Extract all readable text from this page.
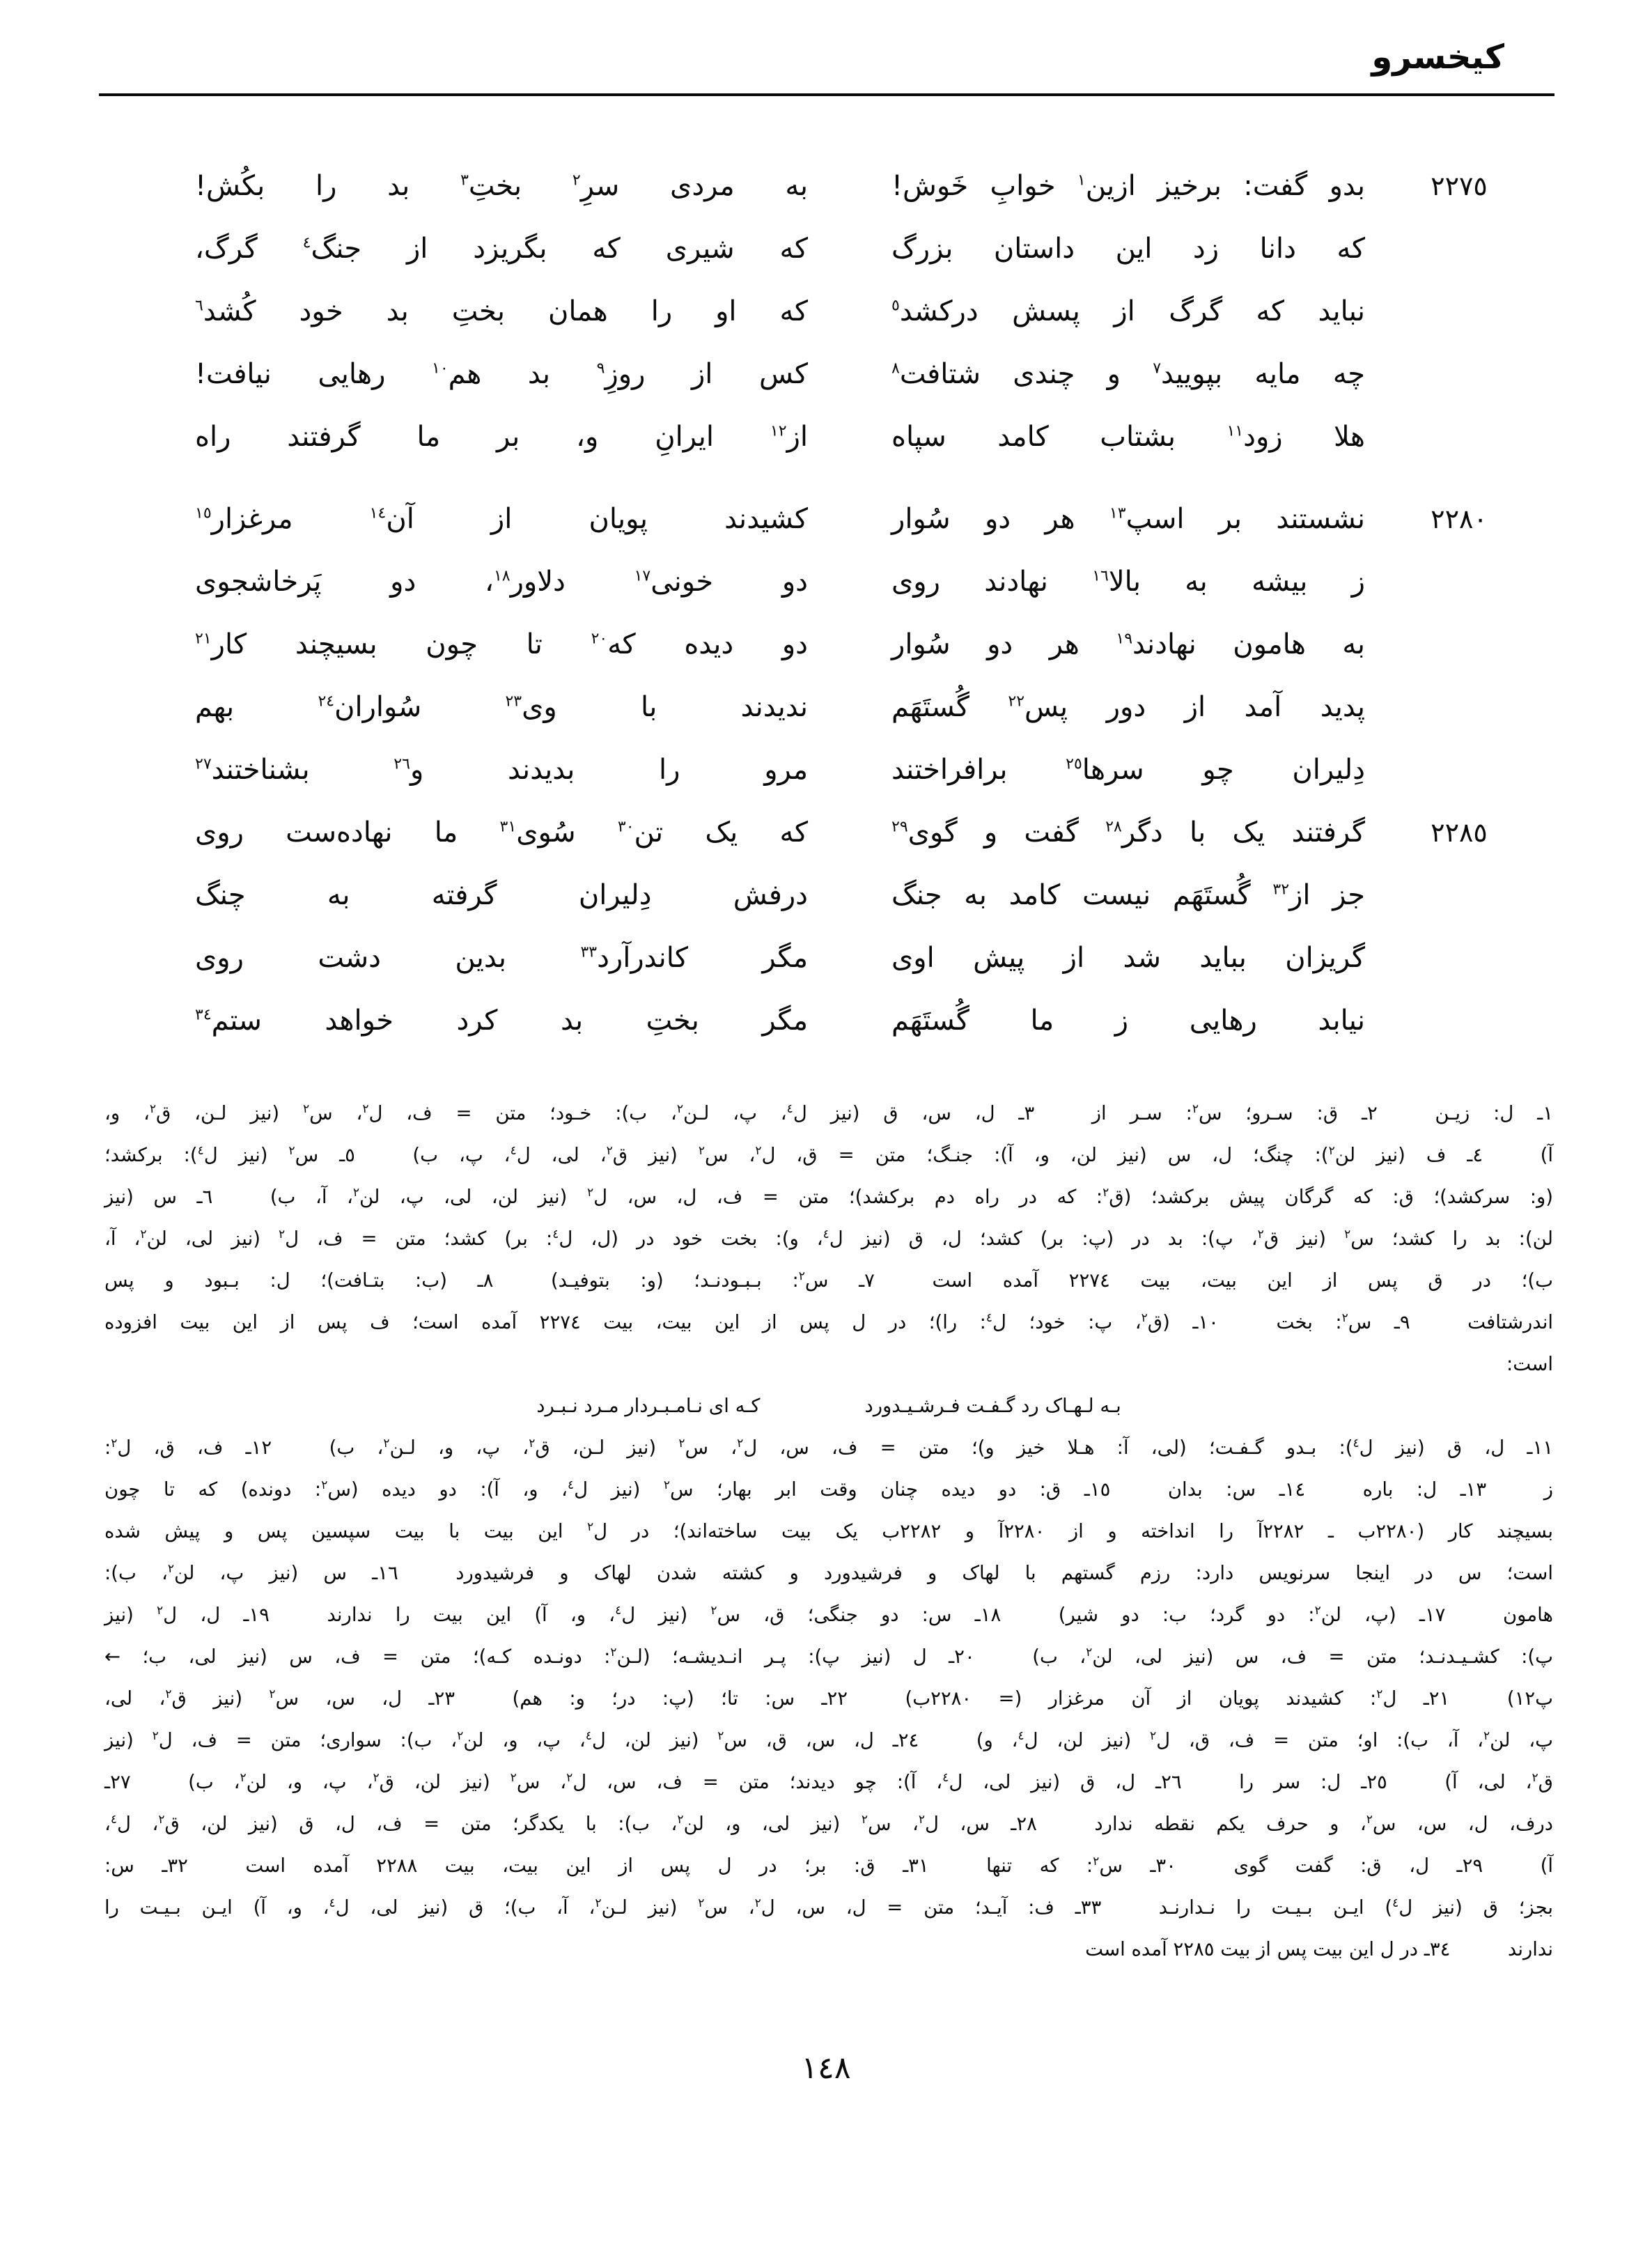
کیخسرو
٢٢٧٥
بدو گفت: برخیز ازین$^١$ خوابِ خَوش!
به مردی سرِ$^٢$ بختِ$^٣$ بد را بکُش!
که دانا زد این داستان بزرگ
که شیری که بگریزد از جنگ$^٤$ گرگ،
نباید که گرگ از پسش درکشد$^٥$
که او را همان بختِ بد خود کُشد$^٦$
چه مایه بپویید$^٧$ و چندی شتافت$^٨$
کس از روزِ$^٩$ بد هم$^{١٠}$ رهایی نیافت!
هلا زود$^{١١}$ بشتاب کامد سپاه
از$^{١٢}$ ایرانِ و، بر ما گرفتند راه
٢٢٨٠
نشستند بر اسپ$^{١٣}$ هر دو سُوار
کشیدند پویان از آن$^{١٤}$ مرغزار$^{١٥}$
ز بیشه به بالا$^{١٦}$ نهادند روی
دو خونی$^{١٧}$ دلاور$^{١٨}$، دو پَرخاشجوی
به هامون نهادند$^{١٩}$ هر دو سُوار
دو دیده که$^{٢٠}$ تا چون بسیچند کار$^{٢١}$
پدید آمد از دور پس$^{٢٢}$ گُستَهَم
ندیدند با وی$^{٢٣}$ سُواران$^{٢٤}$ بهم
دِلیران چو سرها$^{٢٥}$ برافراختند
مرو را بدیدند و$^{٢٦}$ بشناختند$^{٢٧}$
٢٢٨٥
گرفتند یک با دگر$^{٢٨}$ گفت و گوی$^{٢٩}$
که یک تن$^{٣٠}$ سُوی$^{٣١}$ ما نهاده‌ست روی
جز از$^{٣٢}$ گُستَهَم نیست کامد به جنگ
درفش دِلیران گرفته به چنگ
گریزان بباید شد از پیش اوی
مگر کاندرآرد$^{٣٣}$ بدین دشت روی
نیابد رهایی ز ما گُستَهَم
مگر بختِ بد کرد خواهد ستم$^{٣٤}$
١ـ ل: زیـن   ٢ـ ق: سـرو؛ س$^٢$: سـر از   ٣ـ ل، س، ق (نیز ل$^٤$، پ، لـن$^٢$، ب): خـود؛ متن = ف، ل$^٢$، س$^٢$ (نیز لـن، ق$^٢$، و،
آ)   ٤ـ ف (نیز لن$^٢$): چنگ؛ ل، س (نیز لن، و، آ): جنـگ؛ متن = ق، ل$^٢$، س$^٢$ (نیز ق$^٢$، لی، ل$^٤$، پ، ب)   ٥ـ س$^٢$ (نیز ل$^٤$): برکشد؛
(و: سرکشد)؛ ق: که گرگان پیش برکشد؛ (ق$^٢$: که در راه دم برکشد)؛ متن = ف، ل، س، ل$^٢$ (نیز لن، لی، پ، لن$^٢$، آ، ب)   ٦ـ س (نیز
لن): بد را کشد؛ س$^٢$ (نیز ق$^٢$، پ): بد در (پ: بر) کشد؛ ل، ق (نیز ل$^٤$، و): بخت خود در (ل، ل$^٤$: بر) کشد؛ متن = ف، ل$^٢$ (نیز لی، لن$^٢$، آ،
ب)؛ در ق پس از این بیت، بیت ٢٢٧٤ آمده است   ٧ـ س$^٢$: بـبـودنـد؛ (و: بتوفیـد)   ٨ـ (ب: بتـافت)؛ ل: بـبود و پس
اندرشتافت   ٩ـ س$^٢$: بخت   ١٠ـ (ق$^٢$، پ: خود؛ ل$^٤$: را)؛ در ل پس از این بیت، بیت ٢٢٧٤ آمده است؛ ف پس از این بیت افزوده
است:
بـه لـهـاک رد گـفـت فـرشـیـدوردکـه ای نـامـبـردار مـرد نـبـرد
١١ـ ل، ق (نیز ل$^٤$): بـدو گـفـت؛ (لی، آ: هـلا خیز و)؛ متن = ف، س، ل$^٢$، س$^٢$ (نیز لـن، ق$^٢$، پ، و، لـن$^٢$، ب)   ١٢ـ ف، ق، ل$^٢$:
ز   ١٣ـ ل: باره   ١٤ـ س: بدان   ١٥ـ ق: دو دیده چنان وقت ابر بهار؛ س$^٢$ (نیز ل$^٤$، و، آ): دو دیده (س$^٢$: دونده) که تا چون
بسیچند کار (٢٢٨٠ب ـ ٢٢٨٢آ را انداخته و از ٢٢٨٠آ و ٢٢٨٢ب یک بیت ساخته‌اند)؛ در ل$^٢$ این بیت با بیت سپسین پس و پیش شده
است؛ س در اینجا سرنویس دارد: رزم گستهم با لهاک و فرشیدورد و کشته شدن لهاک و فرشیدورد   ١٦ـ س (نیز پ، لن$^٢$، ب):
هامون   ١٧ـ (پ، لن$^٢$: دو گرد؛ ب: دو شیر)   ١٨ـ س: دو جنگی؛ ق، س$^٢$ (نیز ل$^٤$، و، آ) این بیت را ندارند   ١٩ـ ل، ل$^٢$ (نیز
پ): کشـیـدنـد؛ متن = ف، س (نیز لی، لن$^٢$، ب)   ٢٠ـ ل (نیز پ): پـر انـدیشـه؛ (لـن$^٢$: دونـده کـه)؛ متن = ف، س (نیز لی، ب؛ ←
پ١٢)   ٢١ـ ل$^٢$: کشیدند پویان از آن مرغزار (= ٢٢٨٠ب)   ٢٢ـ س: تا؛ (پ: در؛ و: هم)   ٢٣ـ ل، س، س$^٢$ (نیز ق$^٢$، لی،
پ، لن$^٢$، آ، ب): او؛ متن = ف، ق، ل$^٢$ (نیز لن، ل$^٤$، و)   ٢٤ـ ل، س، ق، س$^٢$ (نیز لن، ل$^٤$، پ، و، لن$^٢$، ب): سواری؛ متن = ف، ل$^٢$ (نیز
ق$^٢$، لی، آ)   ٢٥ـ ل: سر را   ٢٦ـ ل، ق (نیز لی، ل$^٤$، آ): چو دیدند؛ متن = ف، س، ل$^٢$، س$^٢$ (نیز لن، ق$^٢$، پ، و، لن$^٢$، ب)   ٢٧ـ
درف، ل، س، س$^٢$، و حرف یکم نقطه ندارد   ٢٨ـ س، ل$^٢$، س$^٢$ (نیز لی، و، لن$^٢$، ب): با یکدگر؛ متن = ف، ل، ق (نیز لن، ق$^٢$، ل$^٤$،
آ)   ٢٩ـ ل، ق: گفت گوی   ٣٠ـ س$^٢$: که تنها   ٣١ـ ق: بر؛ در ل پس از این بیت، بیت ٢٢٨٨ آمده است   ٣٢ـ س:
بجز؛ ق (نیز ل$^٤$) ایـن بـیـت را نـدارنـد   ٣٣ـ ف: آیـد؛ متن = ل، س، ل$^٢$، س$^٢$ (نیز لـن$^٢$، آ، ب)؛ ق (نیز لی، ل$^٤$، و، آ) ایـن بـیـت را
ندارند   ٣٤ـ در ل این بیت پس از بیت ٢٢٨٥ آمده است
١٤٨
